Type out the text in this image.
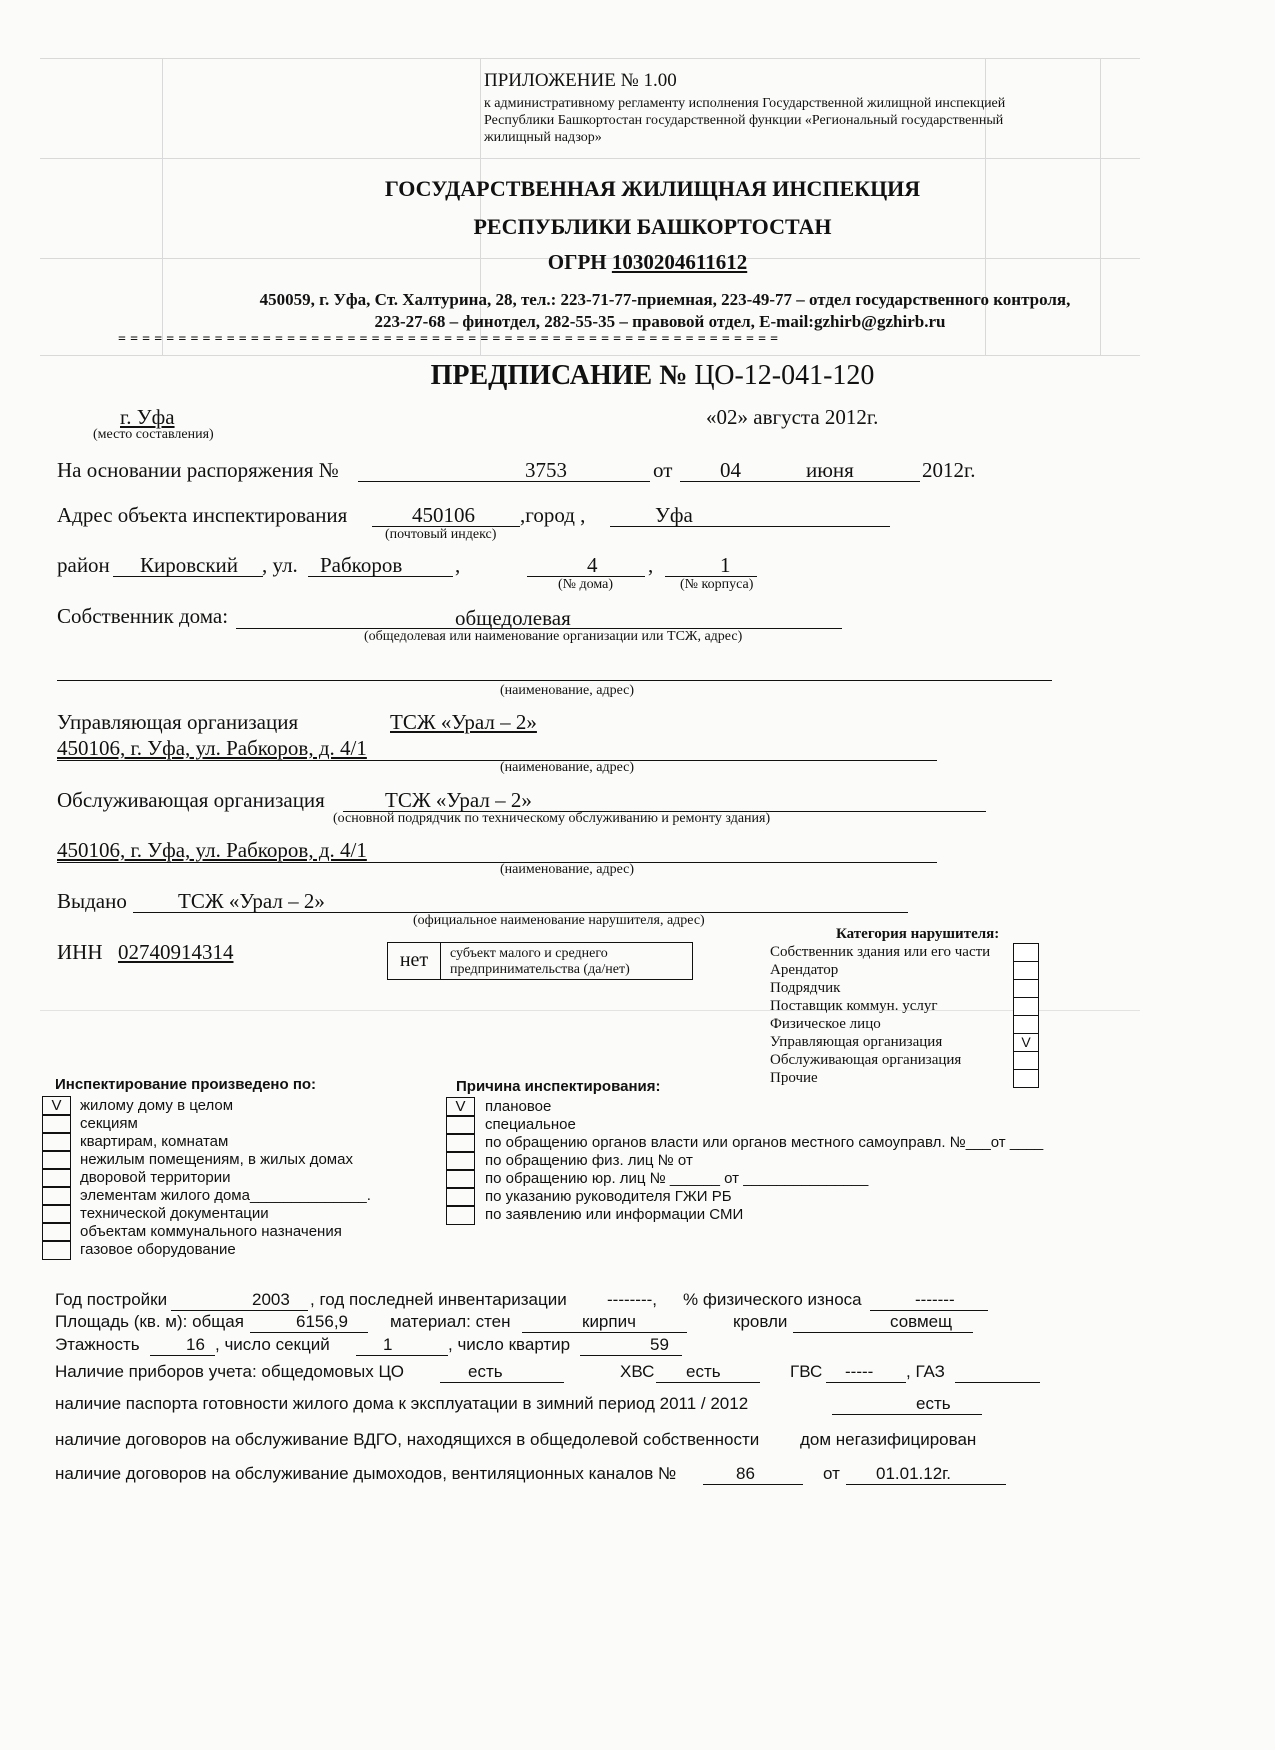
ПРИЛОЖЕНИЕ № 1.00
к административному регламенту исполнения Государственной жилищной инспекцией
Республики Башкортостан государственной функции «Региональный государственный
жилищный надзор»
ГОСУДАРСТВЕННАЯ ЖИЛИЩНАЯ ИНСПЕКЦИЯ
РЕСПУБЛИКИ БАШКОРТОСТАН
ОГРН 1030204611612
450059, г. Уфа, Ст. Халтурина, 28, тел.: 223-71-77-приемная, 223-49-77 – отдел государственного контроля,
223-27-68 – финотдел, 282-55-35 – правовой отдел, E-mail:gzhirb@gzhirb.ru
= = = = = = = = = = = = = = = = = = = = = = = = = = = = = = = = = = = = = = = = = = = = = = = = = = = = = = =
ПРЕДПИСАНИЕ № ЦО-12-041-120
г. Уфа
(место составления)
«02» августа 2012г.
На основании распоряжения №	3753	от 04	июня	2012г.
Адрес объекта инспектирования	450106
(почтовый индекс)
,город ,	Уфа
район Кировский , ул. Рабкоров	,	4
(№ дома)
,	1
(№ корпуса)
Собственник дома:	общедолевая
(общедолевая или наименование организации или ТСЖ, адрес)
(наименование, адрес)
Управляющая организация	ТСЖ «Урал – 2»
450106, г. Уфа, ул. Рабкоров, д. 4/1
(наименование, адрес)
Обслуживающая организация	ТСЖ «Урал – 2»
(основной подрядчик по техническому обслуживанию и ремонту здания)
450106, г. Уфа, ул. Рабкоров, д. 4/1
(наименование, адрес)
Выдано ТСЖ «Урал – 2»
(официальное наименование нарушителя, адрес)
ИНН 02740914314	нет	субъект малого и среднего
предпринимательства (да/нет)
Категория нарушителя:
Собственник здания или его части
Арендатор
Подрядчик
Поставщик коммун. услуг
Физическое лицо
Управляющая организация	V
Обслуживающая организация
Прочие
Инспектирование произведено по:
V	жилому дому в целом
секциям
квартирам, комнатам
нежилым помещениям, в жилых домах
дворовой территории
элементам жилого дома______________.
технической документации
объектам коммунального назначения
газовое оборудование
Причина инспектирования:
V	плановое
специальное
по обращению органов власти или органов местного самоуправл. №___от ____
по обращению физ. лиц № от
по обращению юр. лиц № ______ от _______________
по указанию руководителя ГЖИ РБ
по заявлению или информации СМИ
Год постройки	2003 , год последней инвентаризации --------, % физического износа	-------
Площадь (кв. м): общая	6156,9 материал: стен	кирпич	кровли	совмещ
Этажность	16 , число секций	1	, число квартир	59
Наличие приборов учета: общедомовых ЦО	есть	ХВС есть	ГВС ----- , ГАЗ
наличие паспорта готовности жилого дома к эксплуатации в зимний период 2011 / 2012	есть
наличие договоров на обслуживание ВДГО, находящихся в общедолевой собственности дом негазифицирован
наличие договоров на обслуживание дымоходов, вентиляционных каналов №	86	от 01.01.12г.
